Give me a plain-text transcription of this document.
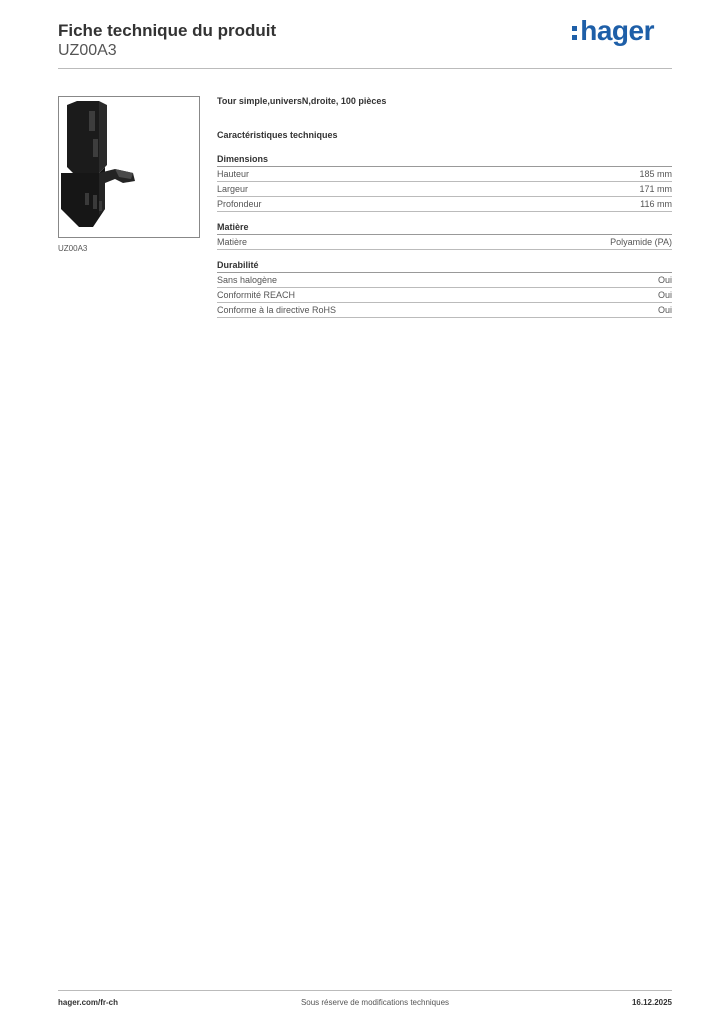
Fiche technique du produit
UZ00A3
hager
UZ00A3

Tour simple,universN,droite, 100 pièces

Caractéristiques techniques

Dimensions
Hauteur	185 mm
Largeur	171 mm
Profondeur	116 mm
Matière
Matière	Polyamide (PA)
Durabilité
Sans halogène	Oui
Conformité REACH	Oui
Conforme à la directive RoHS	Oui
hager.com/fr-ch	Sous réserve de modifications techniques	16.12.2025
